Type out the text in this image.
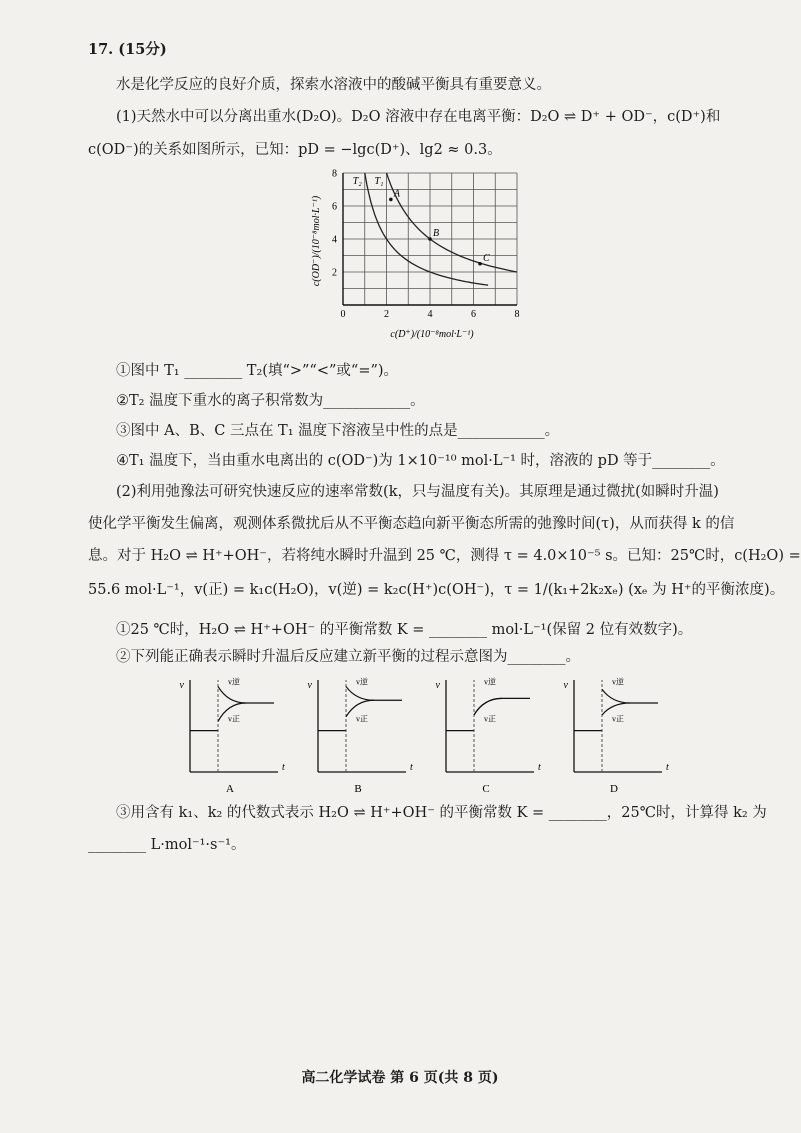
17. (15分)
水是化学反应的良好介质，探索水溶液中的酸碱平衡具有重要意义。
(1)天然水中可以分离出重水(D₂O)。D₂O 溶液中存在电离平衡：D₂O ⇌ D⁺ + OD⁻，c(D⁺)和
c(OD⁻)的关系如图所示，已知：pD = −lgc(D⁺)、lg2 ≈ 0.3。
0	2	4	6	8
2
4
6
8
T₂ T₁
A
B
C
c(D⁺)/(10⁻⁸mol·L⁻¹)
c(OD⁻)/(10⁻⁸mol·L⁻¹)
①图中 T₁ ________ T₂(填“>”“<”或“=”)。
②T₂ 温度下重水的离子积常数为____________。
③图中 A、B、C 三点在 T₁ 温度下溶液呈中性的点是____________。
④T₁ 温度下，当由重水电离出的 c(OD⁻)为 1×10⁻¹⁰ mol·L⁻¹ 时，溶液的 pD 等于________。
(2)利用弛豫法可研究快速反应的速率常数(k，只与温度有关)。其原理是通过微扰(如瞬时升温)
使化学平衡发生偏离，观测体系微扰后从不平衡态趋向新平衡态所需的弛豫时间(τ)，从而获得 k 的信
息。对于 H₂O ⇌ H⁺+OH⁻，若将纯水瞬时升温到 25 ℃，测得 τ = 4.0×10⁻⁵ s。已知：25℃时，c(H₂O) =
55.6 mol·L⁻¹，v(正) = k₁c(H₂O)，v(逆) = k₂c(H⁺)c(OH⁻)，τ = 1/(k₁+2k₂xₑ) (xₑ 为 H⁺的平衡浓度)。
①25 ℃时，H₂O ⇌ H⁺+OH⁻ 的平衡常数 K = ________ mol·L⁻¹(保留 2 位有效数字)。
②下列能正确表示瞬时升温后反应建立新平衡的过程示意图为________。
v
t
v逆
v正
A
v
t
v逆
v正
B
v
t
v逆
v正
C
v
t
v逆
v正
D
③用含有 k₁、k₂ 的代数式表示 H₂O ⇌ H⁺+OH⁻ 的平衡常数 K = ________，25℃时，计算得 k₂ 为
________ L·mol⁻¹·s⁻¹。
高二化学试卷 第 6 页(共 8 页)
